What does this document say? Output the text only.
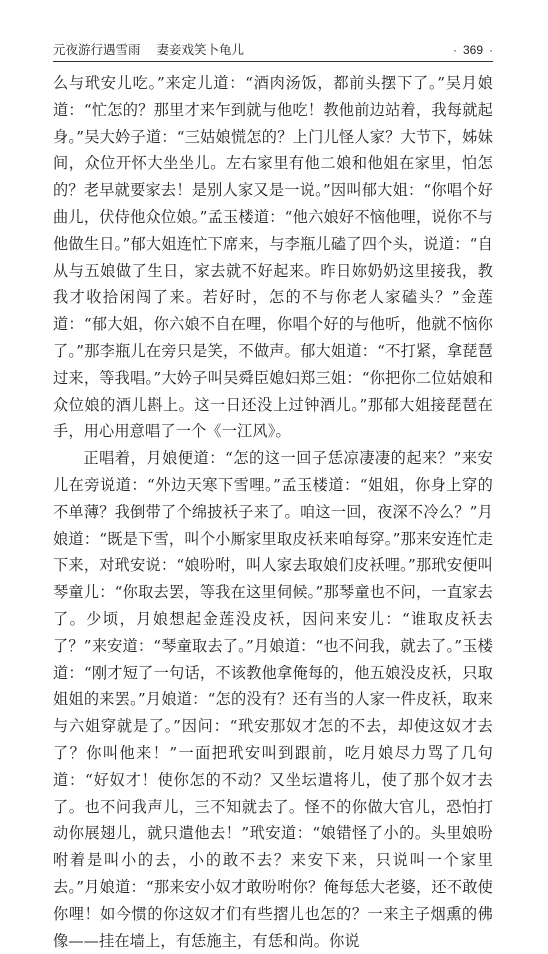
元夜游行遇雪雨 妻妾戏笑卜龟儿	· 369 ·

么与玳安儿吃。”来定儿道：“酒肉汤饭，都前头摆下了。”吴月娘道：“忙怎的？那里才来乍到就与他吃！教他前边站着，我每就起身。”吴大妗子道：“三姑娘慌怎的？上门儿怪人家？大节下，姊妹间，众位开怀大坐坐儿。左右家里有他二娘和他姐在家里，怕怎的？老早就要家去！是别人家又是一说。”因叫郁大姐：“你唱个好曲儿，伏侍他众位娘。”孟玉楼道：“他六娘好不恼他哩，说你不与他做生日。”郁大姐连忙下席来，与李瓶儿磕了四个头，说道：“自从与五娘做了生日，家去就不好起来。昨日妳奶奶这里接我，教我才收拾闲闯了来。若好时，怎的不与你老人家磕头？”金莲道：“郁大姐，你六娘不自在哩，你唱个好的与他听，他就不恼你了。”那李瓶儿在旁只是笑，不做声。郁大姐道：“不打紧，拿琵琶过来，等我唱。”大妗子叫吴舜臣媳妇郑三姐：“你把你二位姑娘和众位娘的酒儿斟上。这一日还没上过钟酒儿。”那郁大姐接琵琶在手，用心用意唱了一个《一江风》。

正唱着，月娘便道：“怎的这一回子恁凉凄凄的起来？”来安儿在旁说道：“外边天寒下雪哩。”孟玉楼道：“姐姐，你身上穿的不单薄？我倒带了个绵披袄子来了。咱这一回，夜深不冷么？”月娘道：“既是下雪，叫个小厮家里取皮袄来咱每穿。”那来安连忙走下来，对玳安说：“娘吩咐，叫人家去取娘们皮袄哩。”那玳安便叫琴童儿：“你取去罢，等我在这里伺候。”那琴童也不问，一直家去了。少顷，月娘想起金莲没皮袄，因问来安儿：“谁取皮袄去了？”来安道：“琴童取去了。”月娘道：“也不问我，就去了。”玉楼道：“刚才短了一句话，不该教他拿俺每的，他五娘没皮袄，只取姐姐的来罢。”月娘道：“怎的没有？还有当的人家一件皮袄，取来与六姐穿就是了。”因问：“玳安那奴才怎的不去，却使这奴才去了？你叫他来！”一面把玳安叫到跟前，吃月娘尽力骂了几句道：“好奴才！使你怎的不动？又坐坛遣将儿，使了那个奴才去了。也不问我声儿，三不知就去了。怪不的你做大官儿，恐怕打动你展翅儿，就只遣他去！”玳安道：“娘错怪了小的。头里娘吩咐着是叫小的去，小的敢不去？来安下来，只说叫一个家里去。”月娘道：“那来安小奴才敢吩咐你？俺每恁大老婆，还不敢使你哩！如今惯的你这奴才们有些摺儿也怎的？一来主子烟熏的佛像——挂在墙上，有恁施主，有恁和尚。你说
